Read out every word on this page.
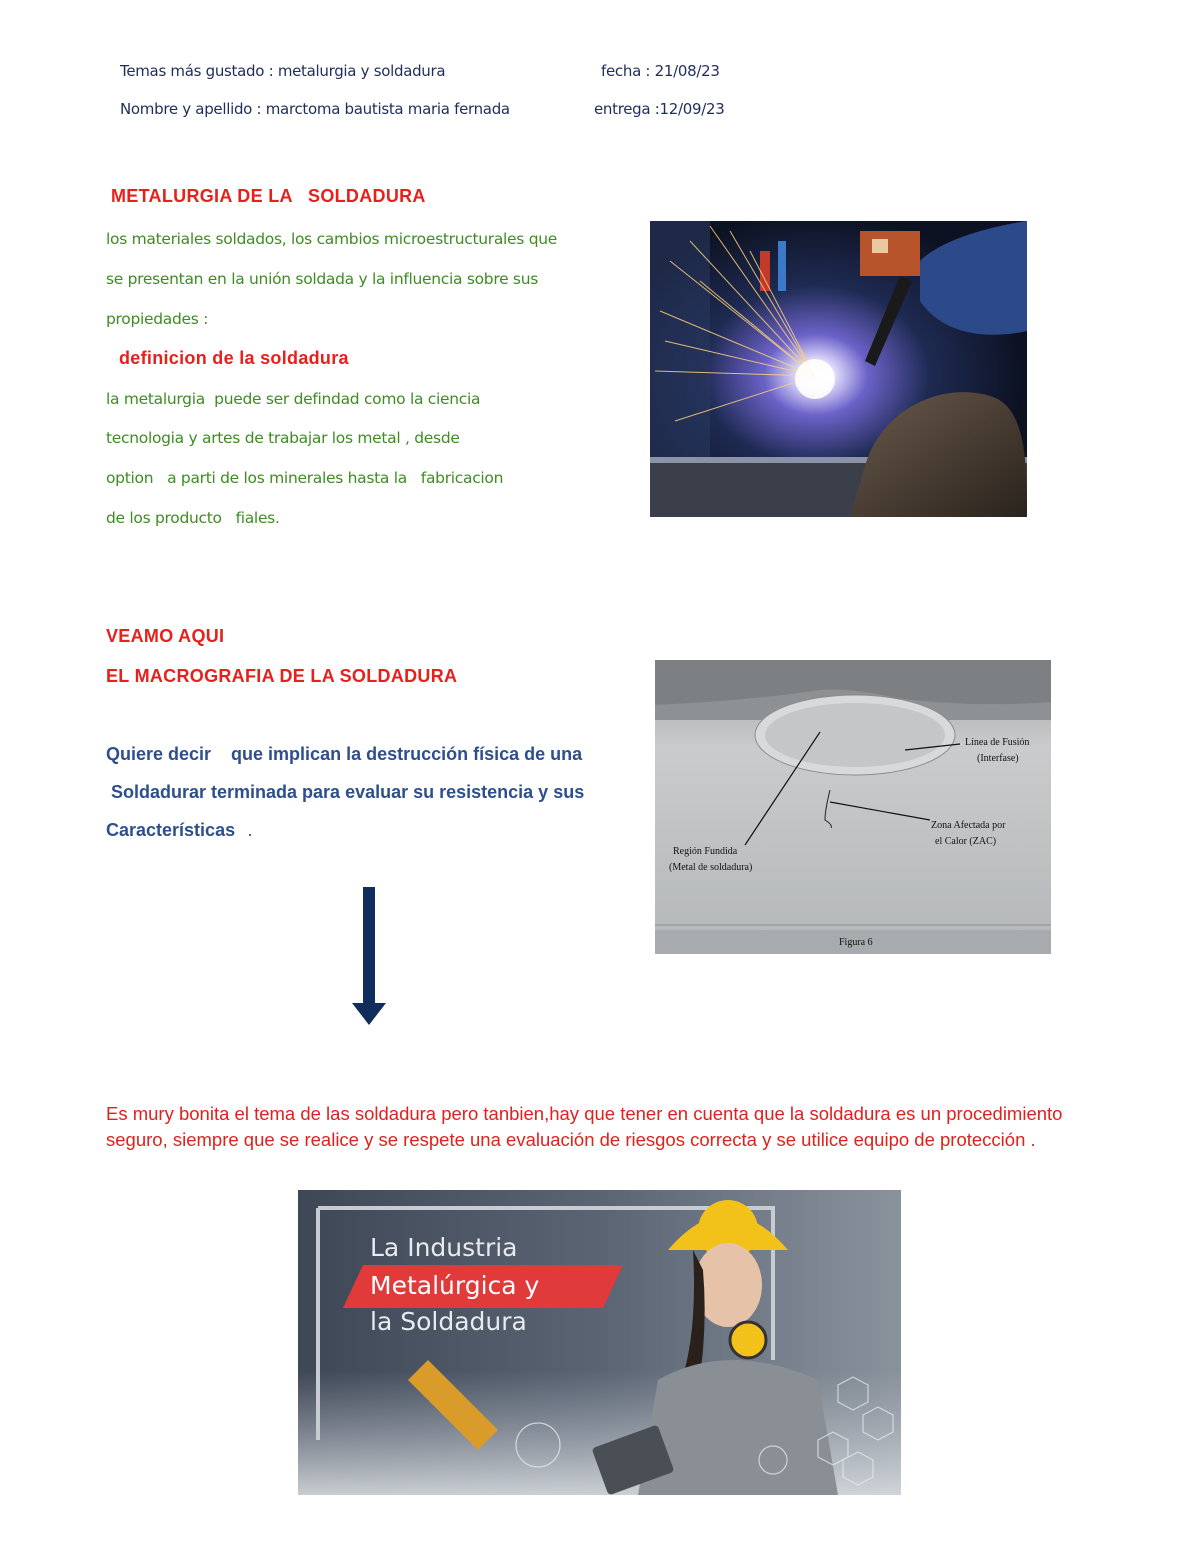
Temas más gustado : metalurgia y soldadura	fecha : 21/08/23
Nombre y apellido : marctoma bautista maria fernada	entrega :12/09/23
METALURGIA DE LA   SOLDADURA
los materiales soldados, los cambios microestructurales que
se presentan en la unión soldada y la influencia sobre sus
propiedades :
definicion de la soldadura
la metalurgia  puede ser defindad como la ciencia
tecnologia y artes de trabajar los metal , desde
option   a parti de los minerales hasta la   fabricacion
de los producto   fiales.
VEAMO AQUI
EL MACROGRAFIA DE LA SOLDADURA
Quiere decir    que implican la destrucción física de una
Soldadurar terminada para evaluar su resistencia y sus
Características .
Línea de Fusión
(Interfase)
Zona Afectada por
el Calor (ZAC)
Región Fundida
(Metal de soldadura)
Figura 6
Es mury bonita el tema de las soldadura pero tanbien,hay que tener en cuenta que la soldadura es un procedimiento seguro, siempre que se realice y se respete una evaluación de riesgos correcta y se utilice equipo de protección .
La Industria
Metalúrgica y
la Soldadura
